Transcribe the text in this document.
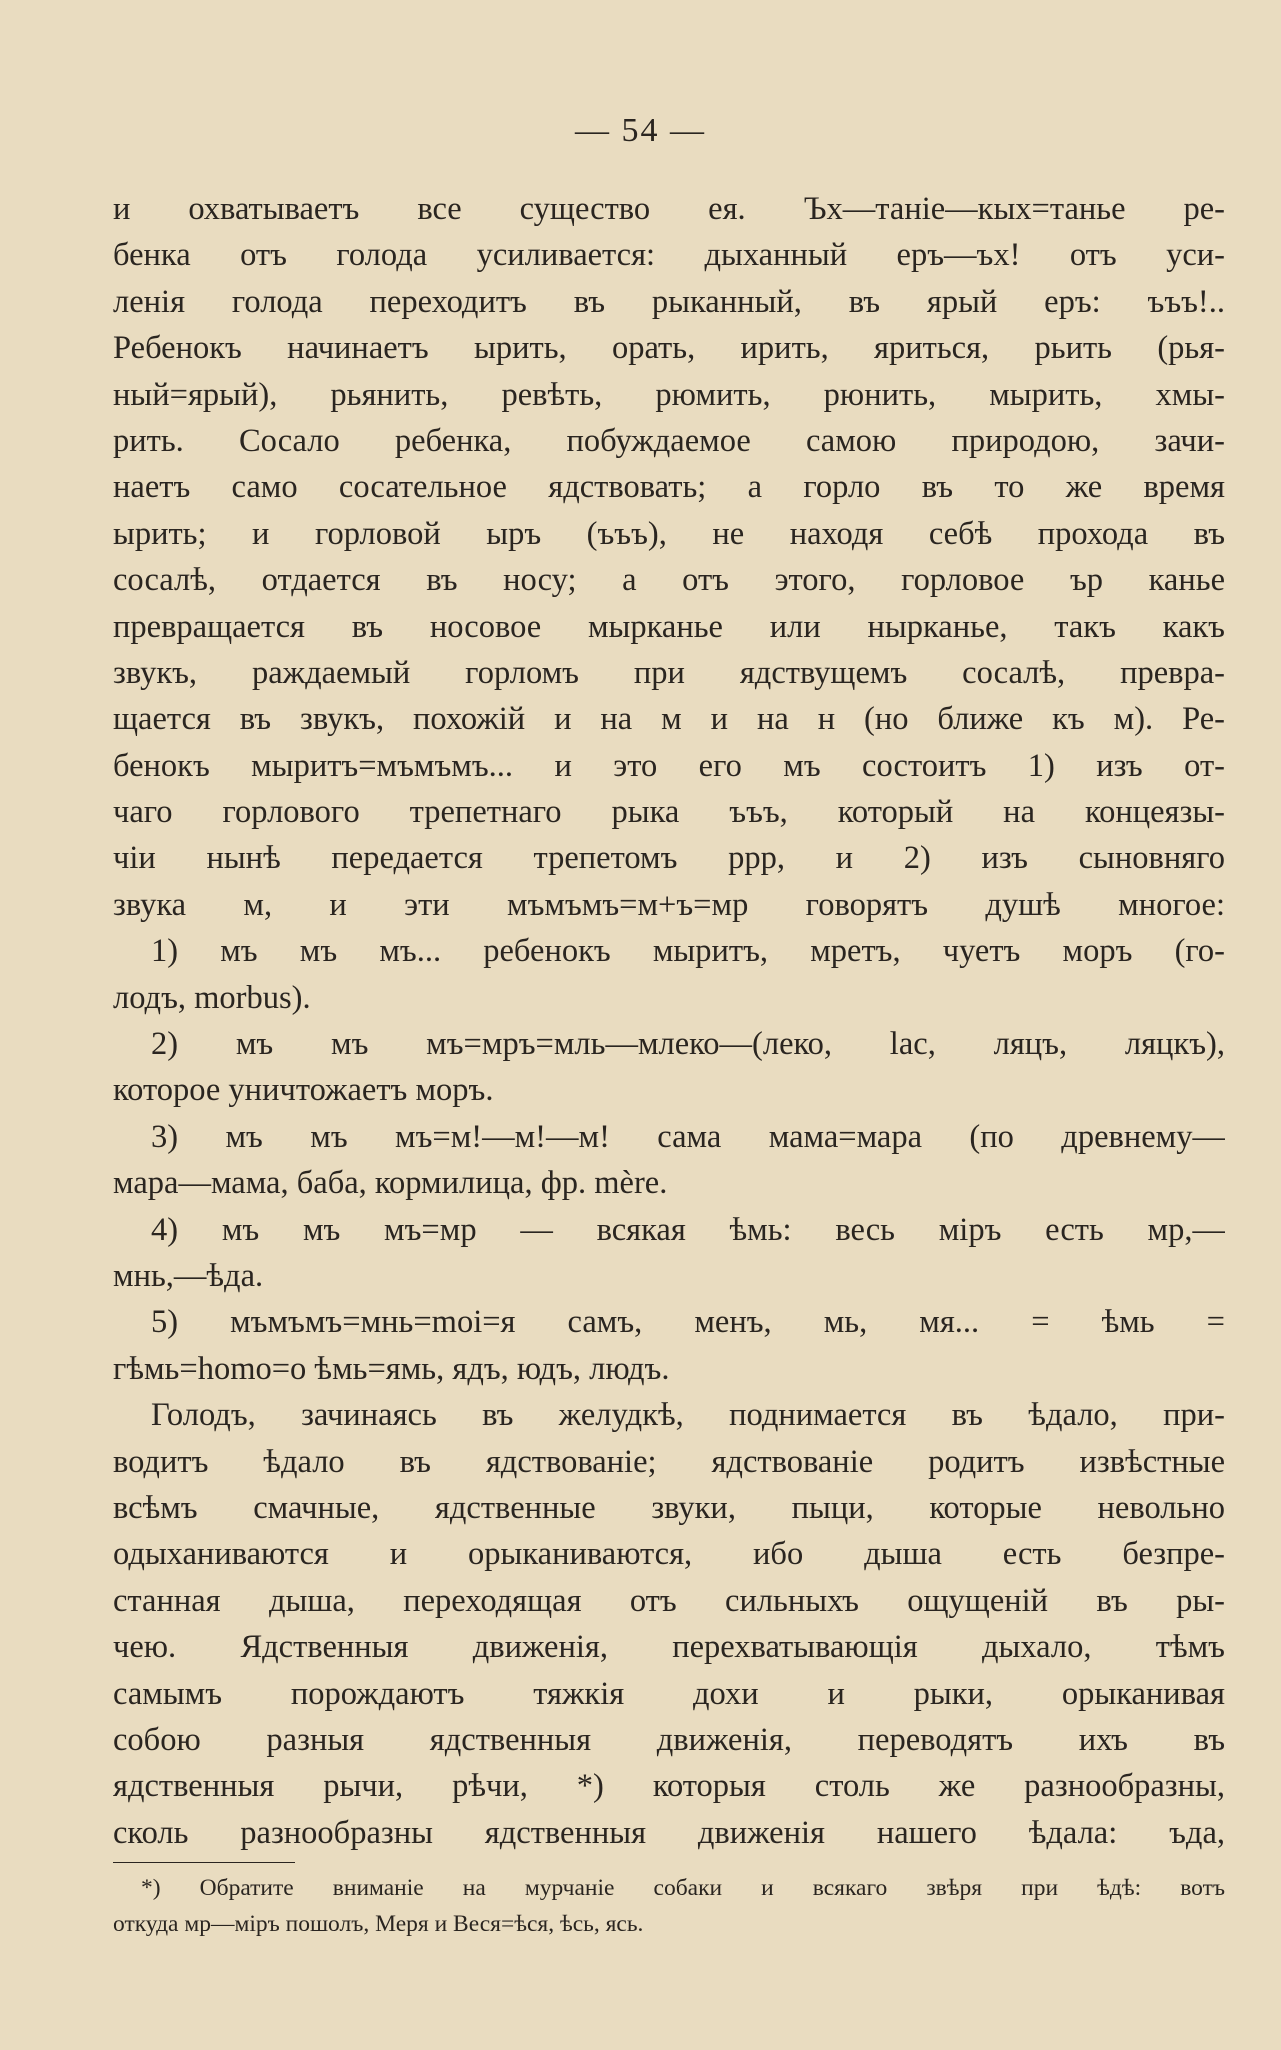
— 54 —
и охватываетъ все существо ея. Ъх—таніе—кых=танье ре-
бенка отъ голода усиливается: дыханный еръ—ъх! отъ уси-
ленія голода переходитъ въ рыканный, въ ярый еръ: ъъъ!..
Ребенокъ начинаетъ ырить, орать, ирить, яриться, рьить (рья-
ный=ярый), рьянить, ревѣть, рюмить, рюнить, мырить, хмы-
рить. Сосало ребенка, побуждаемое самою природою, зачи-
наетъ само сосательное ядствовать; а горло въ то же время
ырить; и горловой ыръ (ъъъ), не находя себѣ прохода въ
сосалѣ, отдается въ носу; а отъ этого, горловое ър канье
превращается въ носовое мырканье или нырканье, такъ какъ
звукъ, раждаемый горломъ при ядствущемъ сосалѣ, превра-
щается въ звукъ, похожій и на м и на н (но ближе къ м). Ре-
бенокъ мыритъ=мъмъмъ... и это его мъ состоитъ 1) изъ от-
чаго горлового трепетнаго рыка ъъъ, который на концеязы-
чіи нынѣ передается трепетомъ ррр, и 2) изъ сыновняго
звука м, и эти мъмъмъ=м+ъ=мр говорятъ душѣ многое:
1) мъ мъ мъ... ребенокъ мыритъ, мретъ, чуетъ моръ (го-
лодъ, morbus).
2) мъ мъ мъ=мръ=мль—млеко—(леко, lac, ляцъ, ляцкъ),
которое уничтожаетъ моръ.
3) мъ мъ мъ=м!—м!—м! сама мама=мара (по древнему—
мара—мама, баба, кормилица, фр. mère.
4) мъ мъ мъ=мр — всякая ѣмь: весь міръ есть мр,—
мнь,—ѣда.
5) мъмъмъ=мнь=moi=я самъ, менъ, мь, мя... = ѣмь =
гѣмь=homo=о ѣмь=ямь, ядъ, юдъ, людъ.
Голодъ, зачинаясь въ желудкѣ, поднимается въ ѣдало, при-
водитъ ѣдало въ ядствованіе; ядствованіе родитъ извѣстные
всѣмъ смачные, ядственные звуки, пыци, которые невольно
одыханиваются и орыканиваются, ибо дыша есть безпре-
станная дыша, переходящая отъ сильныхъ ощущеній въ ры-
чею. Ядственныя движенія, перехватывающія дыхало, тѣмъ
самымъ порождаютъ тяжкія дохи и рыки, орыканивая
собою разныя ядственныя движенія, переводятъ ихъ въ
ядственныя рычи, рѣчи, *) которыя столь же разнообразны,
сколь разнообразны ядственныя движенія нашего ѣдала: ъда,
*) Обратите вниманіе на мурчаніе собаки и всякаго звѣря при ѣдѣ: вотъ
откуда мр—міръ пошолъ, Меря и Веся=ѣся, ѣсь, ясь.
